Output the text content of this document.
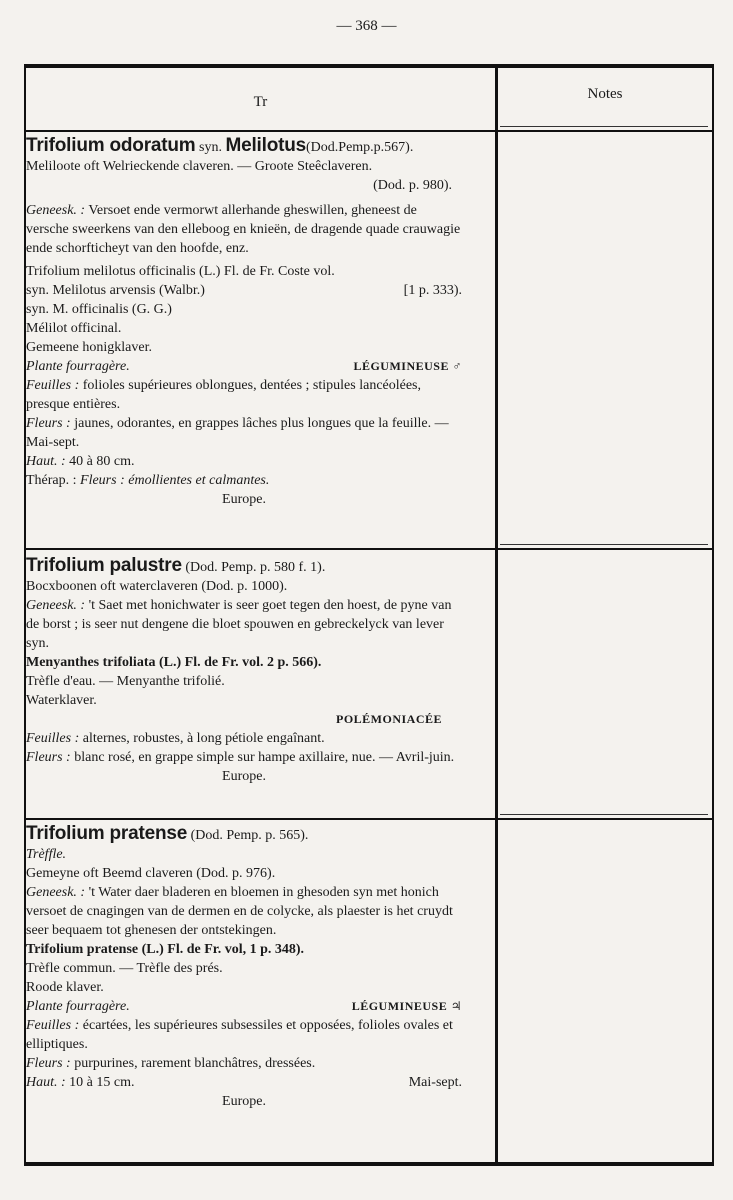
— 368 —
Tr	Notes
Trifolium odoratum syn. Melilotus(Dod.Pemp.p.567).
Meliloote oft Welrieckende claveren. — Groote Steêclaveren.
(Dod. p. 980).
Geneesk. : Versoet ende vermorwt allerhande gheswillen, gheneest de versche sweerkens van den elleboog en knieën, de dragende quade crauwagie ende schorfticheyt van den hoofde, enz.
Trifolium melilotus officinalis (L.) Fl. de Fr. Coste vol.
syn. Melilotus arvensis (Walbr.)	[1 p. 333).
syn. M. officinalis (G. G.)
Mélilot officinal.
Gemeene honigklaver.
Plante fourragère.	LÉGUMINEUSE ♂
Feuilles : folioles supérieures oblongues, dentées ; stipules lancéolées, presque entières.
Fleurs : jaunes, odorantes, en grappes lâches plus longues que la feuille. — Mai-sept.
Haut. : 40 à 80 cm.
Thérap. : Fleurs : émollientes et calmantes.
Europe.
Trifolium palustre (Dod. Pemp. p. 580 f. 1).
Bocxboonen oft waterclaveren (Dod. p. 1000).
Geneesk. : 't Saet met honichwater is seer goet tegen den hoest, de pyne van de borst ; is seer nut dengene die bloet spouwen en gebreckelyck van lever syn.
Menyanthes trifoliata (L.) Fl. de Fr. vol. 2 p. 566).
Trèfle d'eau. — Menyanthe trifolié.
Waterklaver.
POLÉMONIACÉE
Feuilles : alternes, robustes, à long pétiole engaînant.
Fleurs : blanc rosé, en grappe simple sur hampe axillaire, nue. — Avril-juin.
Europe.
Trifolium pratense (Dod. Pemp. p. 565).
Trèffle.
Gemeyne oft Beemd claveren (Dod. p. 976).
Geneesk. : 't Water daer bladeren en bloemen in ghesoden syn met honich versoet de cnagingen van de dermen en de colycke, als plaester is het cruydt seer bequaem tot ghenesen der ontstekingen.
Trifolium pratense (L.) Fl. de Fr. vol, 1 p. 348).
Trèfle commun. — Trèfle des prés.
Roode klaver.
Plante fourragère.	LÉGUMINEUSE ♃
Feuilles : écartées, les supérieures subsessiles et opposées, folioles ovales et elliptiques.
Fleurs : purpurines, rarement blanchâtres, dressées.
Haut. : 10 à 15 cm.	Mai-sept.
Europe.
